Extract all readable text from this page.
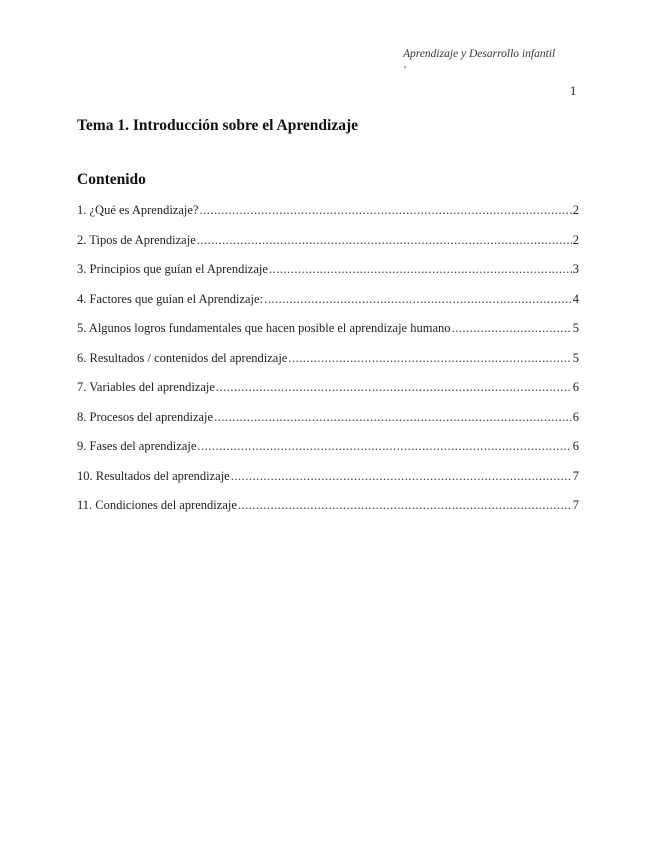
Aprendizaje y Desarrollo infantil
'
1
Tema 1. Introducción sobre el Aprendizaje
Contenido
1. ¿Qué es Aprendizaje? .....	2
2. Tipos de Aprendizaje .....	2
3. Principios que guían el Aprendizaje .....	3
4. Factores que guían el Aprendizaje: .....	4
5. Algunos logros fundamentales que hacen posible el aprendizaje humano .....	5
6. Resultados / contenidos del aprendizaje .....	5
7. Variables del aprendizaje .....	6
8. Procesos del aprendizaje .....	6
9. Fases del aprendizaje .....	6
10. Resultados del aprendizaje .....	7
11. Condiciones del aprendizaje .....	7
